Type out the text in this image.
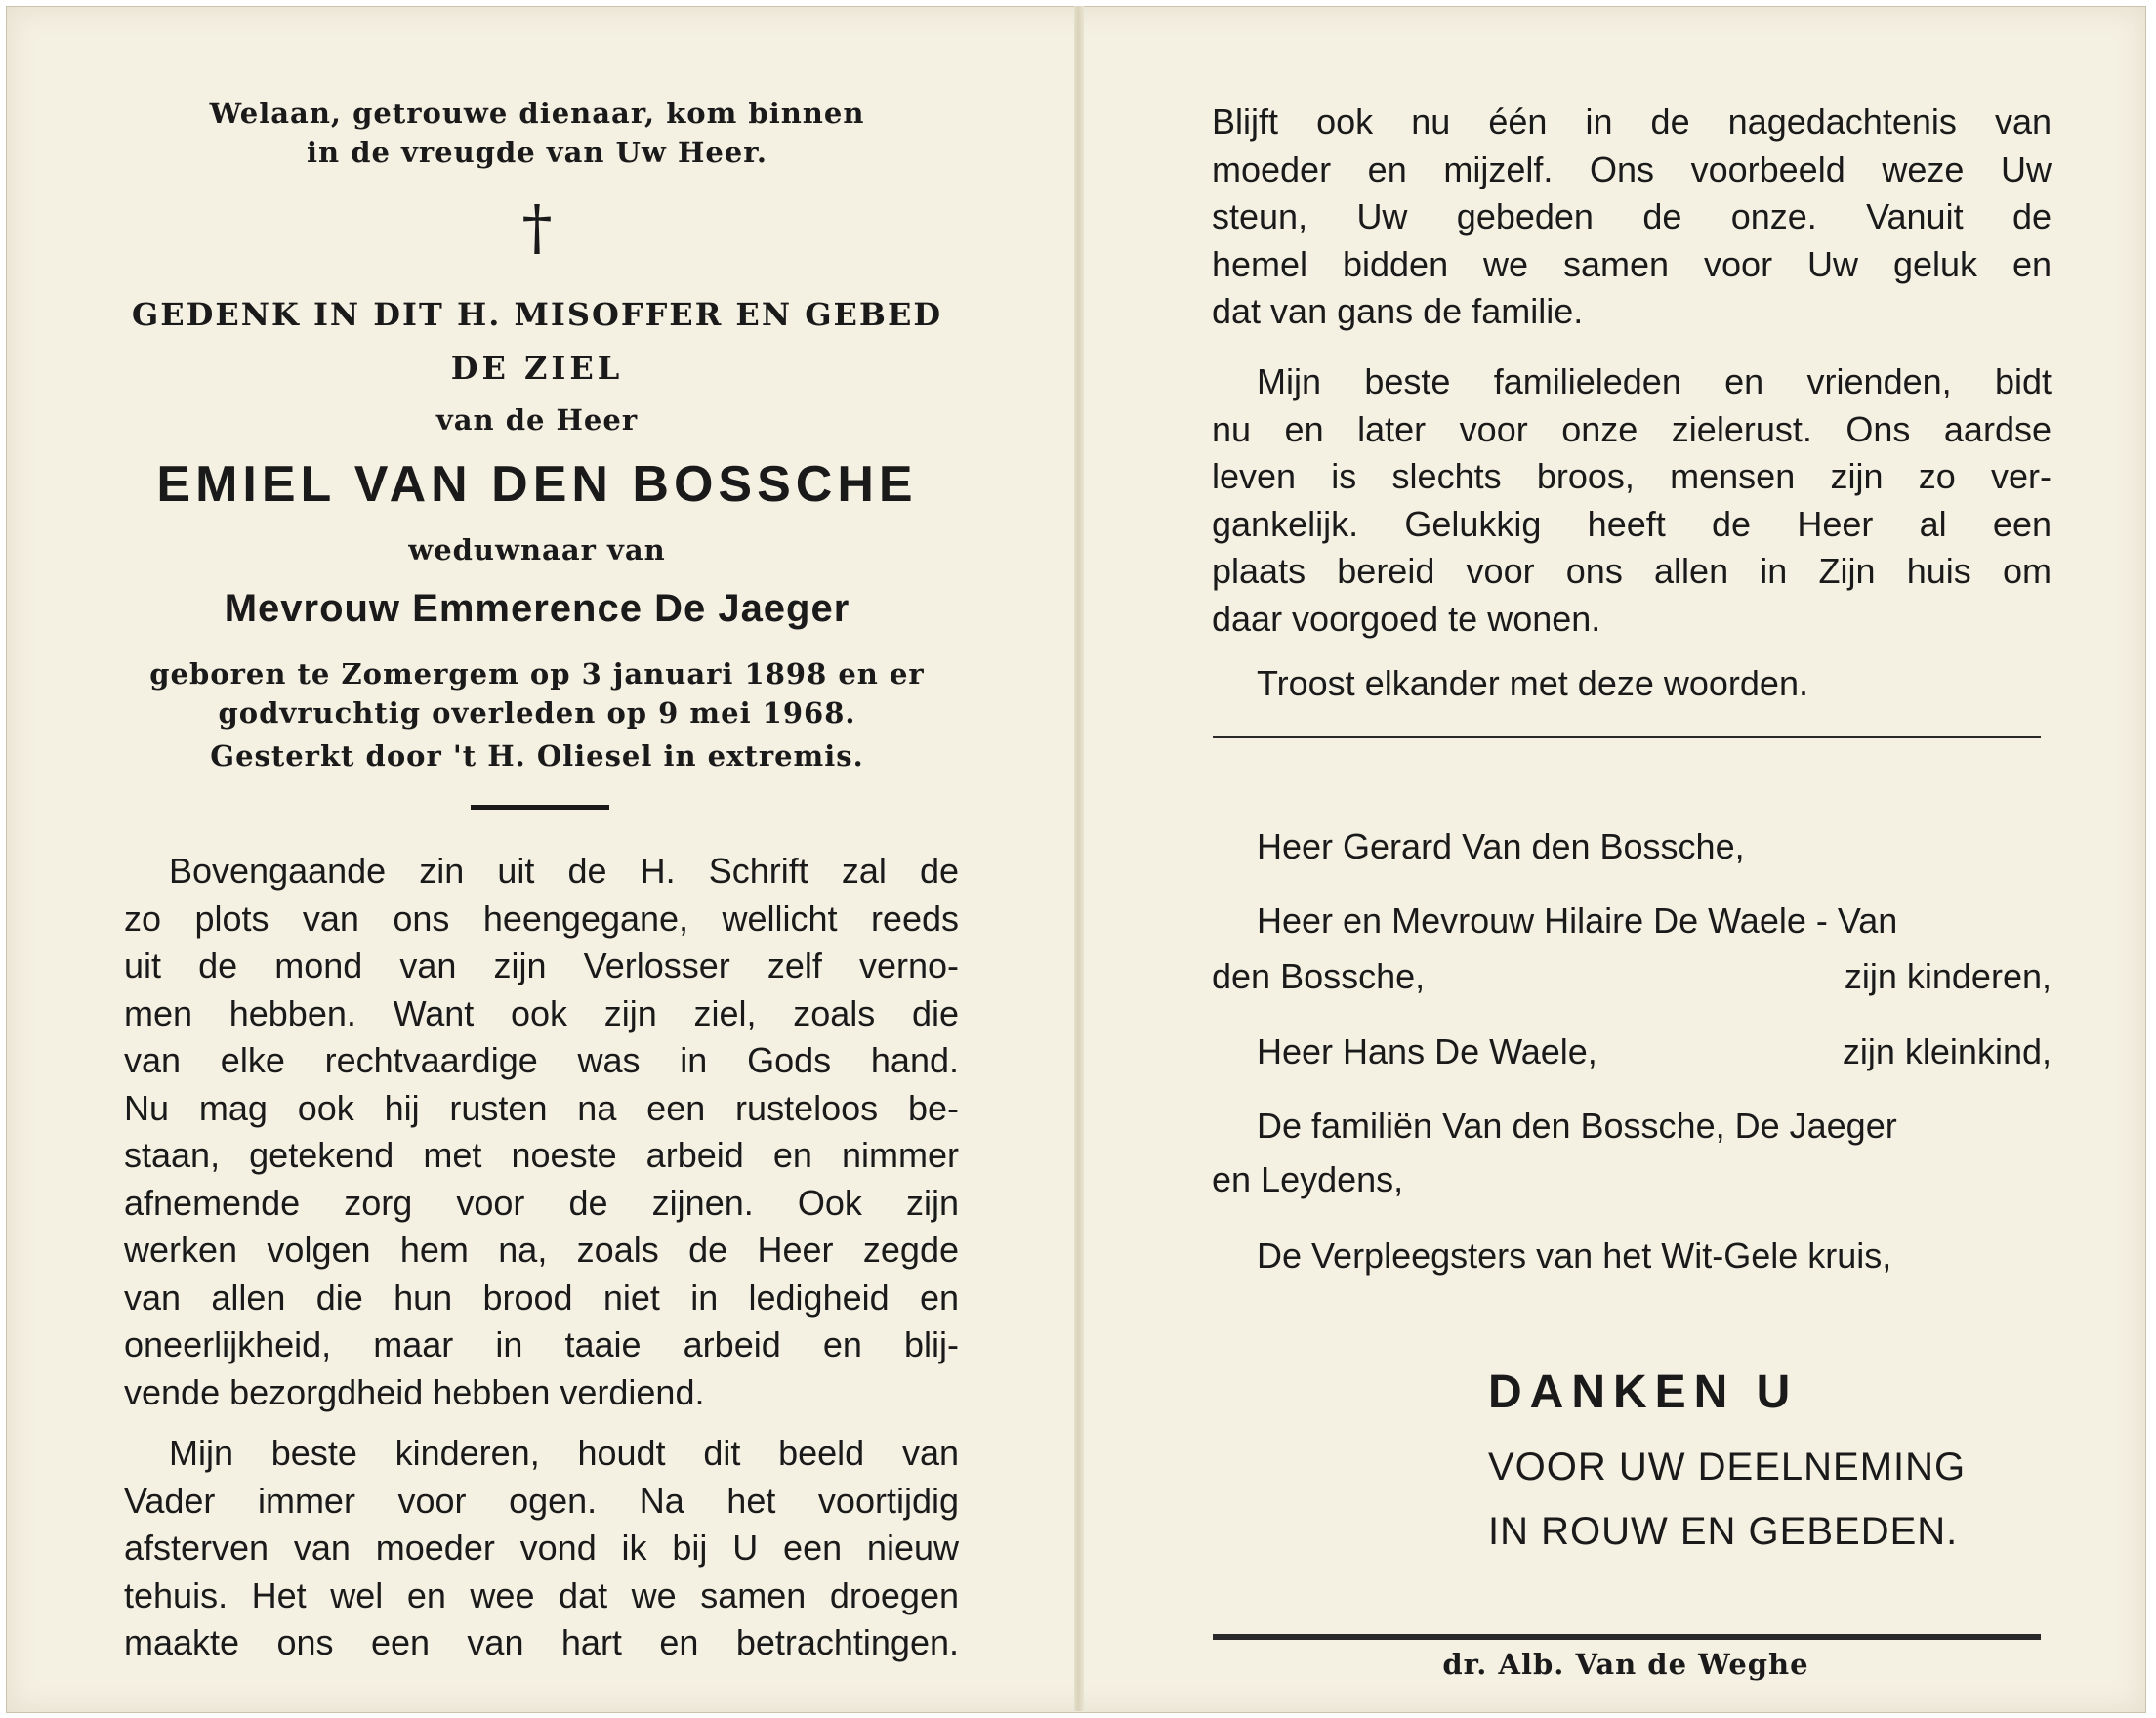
Welaan, getrouwe dienaar, kom binnen
in de vreugde van Uw Heer.
†
GEDENK IN DIT H. MISOFFER EN GEBED
DE ZIEL
van de Heer
EMIEL VAN DEN BOSSCHE
weduwnaar van
Mevrouw Emmerence De Jaeger
geboren te Zomergem op 3 januari 1898 en er
godvruchtig overleden op 9 mei 1968.
Gesterkt door 't H. Oliesel in extremis.
Bovengaande zin uit de H. Schrift zal de
zo plots van ons heengegane, wellicht reeds
uit de mond van zijn Verlosser zelf verno-
men hebben. Want ook zijn ziel, zoals die
van elke rechtvaardige was in Gods hand.
Nu mag ook hij rusten na een rusteloos be-
staan, getekend met noeste arbeid en nimmer
afnemende zorg voor de zijnen. Ook zijn
werken volgen hem na, zoals de Heer zegde
van allen die hun brood niet in ledigheid en
oneerlijkheid, maar in taaie arbeid en blij-
vende bezorgdheid hebben verdiend.
Mijn beste kinderen, houdt dit beeld van
Vader immer voor ogen. Na het voortijdig
afsterven van moeder vond ik bij U een nieuw
tehuis. Het wel en wee dat we samen droegen
maakte ons een van hart en betrachtingen.
Blijft ook nu één in de nagedachtenis van
moeder en mijzelf. Ons voorbeeld weze Uw
steun, Uw gebeden de onze. Vanuit de
hemel bidden we samen voor Uw geluk en
dat van gans de familie.
Mijn beste familieleden en vrienden, bidt
nu en later voor onze zielerust. Ons aardse
leven is slechts broos, mensen zijn zo ver-
gankelijk. Gelukkig heeft de Heer al een
plaats bereid voor ons allen in Zijn huis om
daar voorgoed te wonen.
Troost elkander met deze woorden.
Heer Gerard Van den Bossche,
Heer en Mevrouw Hilaire De Waele - Van
den Bossche,	zijn kinderen,
Heer Hans De Waele,	zijn kleinkind,
De familiën Van den Bossche, De Jaeger
en Leydens,
De Verpleegsters van het Wit-Gele kruis,
DANKEN U
VOOR UW DEELNEMING
IN ROUW EN GEBEDEN.
dr. Alb. Van de Weghe
